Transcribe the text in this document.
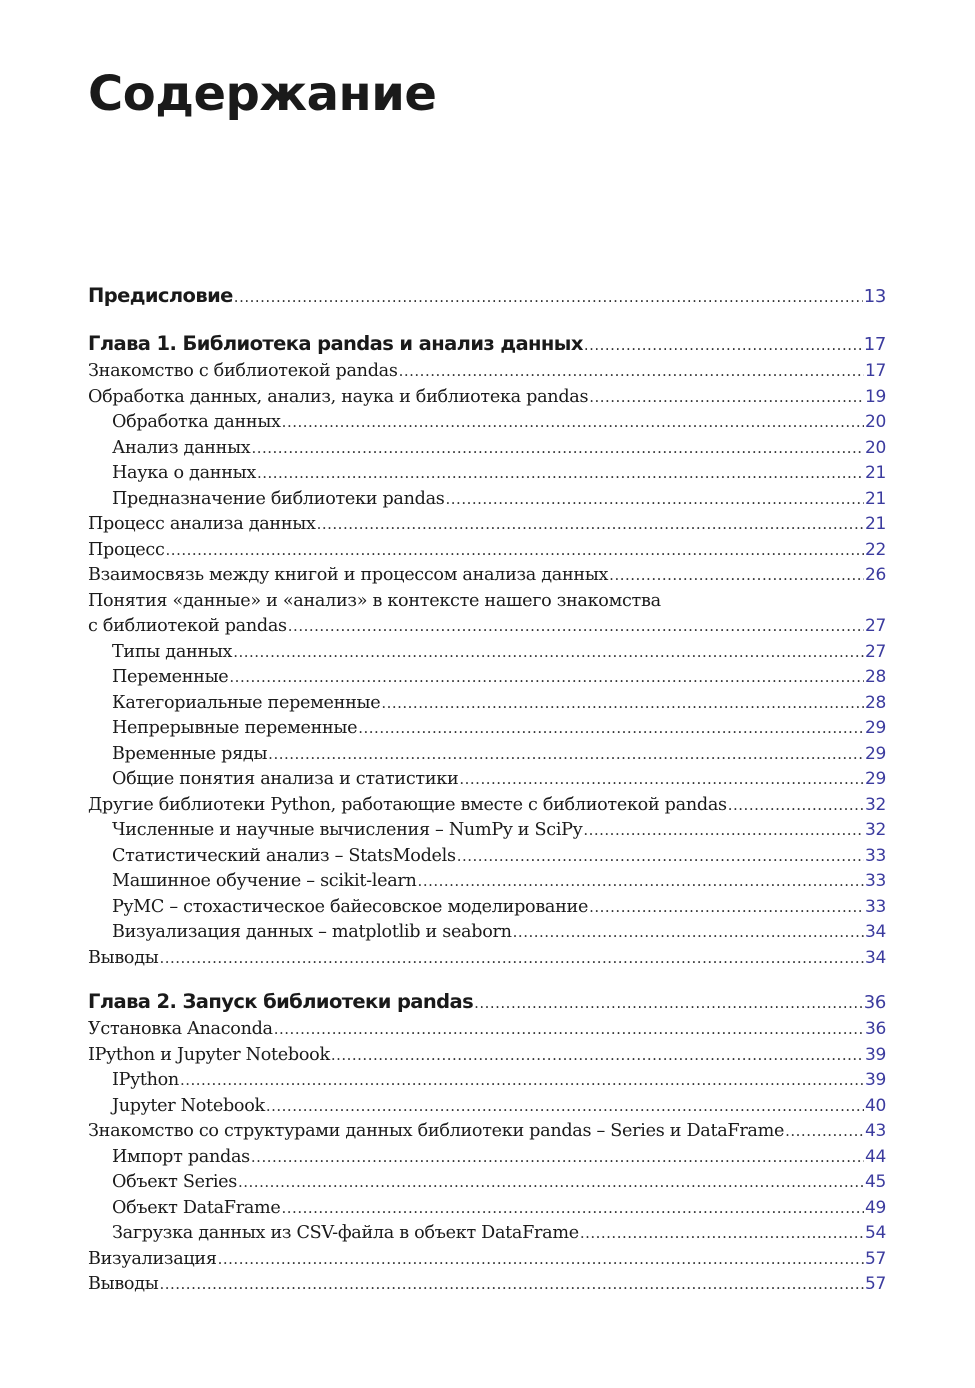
Содержание
Предисловие .....	13
Глава 1. Библиотека pandas и анализ данных .....	17
Знакомство с библиотекой pandas .....	17
Обработка данных, анализ, наука и библиотека pandas .....	19
Обработка данных .....	20
Анализ данных .....	20
Наука о данных .....	21
Предназначение библиотеки pandas .....	21
Процесс анализа данных .....	21
Процесс .....	22
Взаимосвязь между книгой и процессом анализа данных .....	26
Понятия «данные» и «анализ» в контексте нашего знакомства
с библиотекой pandas .....	27
Типы данных .....	27
Переменные .....	28
Категориальные переменные .....	28
Непрерывные переменные .....	29
Временные ряды .....	29
Общие понятия анализа и статистики .....	29
Другие библиотеки Python, работающие вместе с библиотекой pandas .....	32
Численные и научные вычисления – NumPy и SciPy .....	32
Статистический анализ – StatsModels .....	33
Машинное обучение – scikit-learn .....	33
PyMC – стохастическое байесовское моделирование .....	33
Визуализация данных – matplotlib и seaborn .....	34
Выводы .....	34
Глава 2. Запуск библиотеки pandas .....	36
Установка Anaconda .....	36
IPython и Jupyter Notebook .....	39
IPython .....	39
Jupyter Notebook .....	40
Знакомство со структурами данных библиотеки pandas – Series и DataFrame .....	43
Импорт pandas .....	44
Объект Series .....	45
Объект DataFrame .....	49
Загрузка данных из CSV-файла в объект DataFrame .....	54
Визуализация .....	57
Выводы .....	57
